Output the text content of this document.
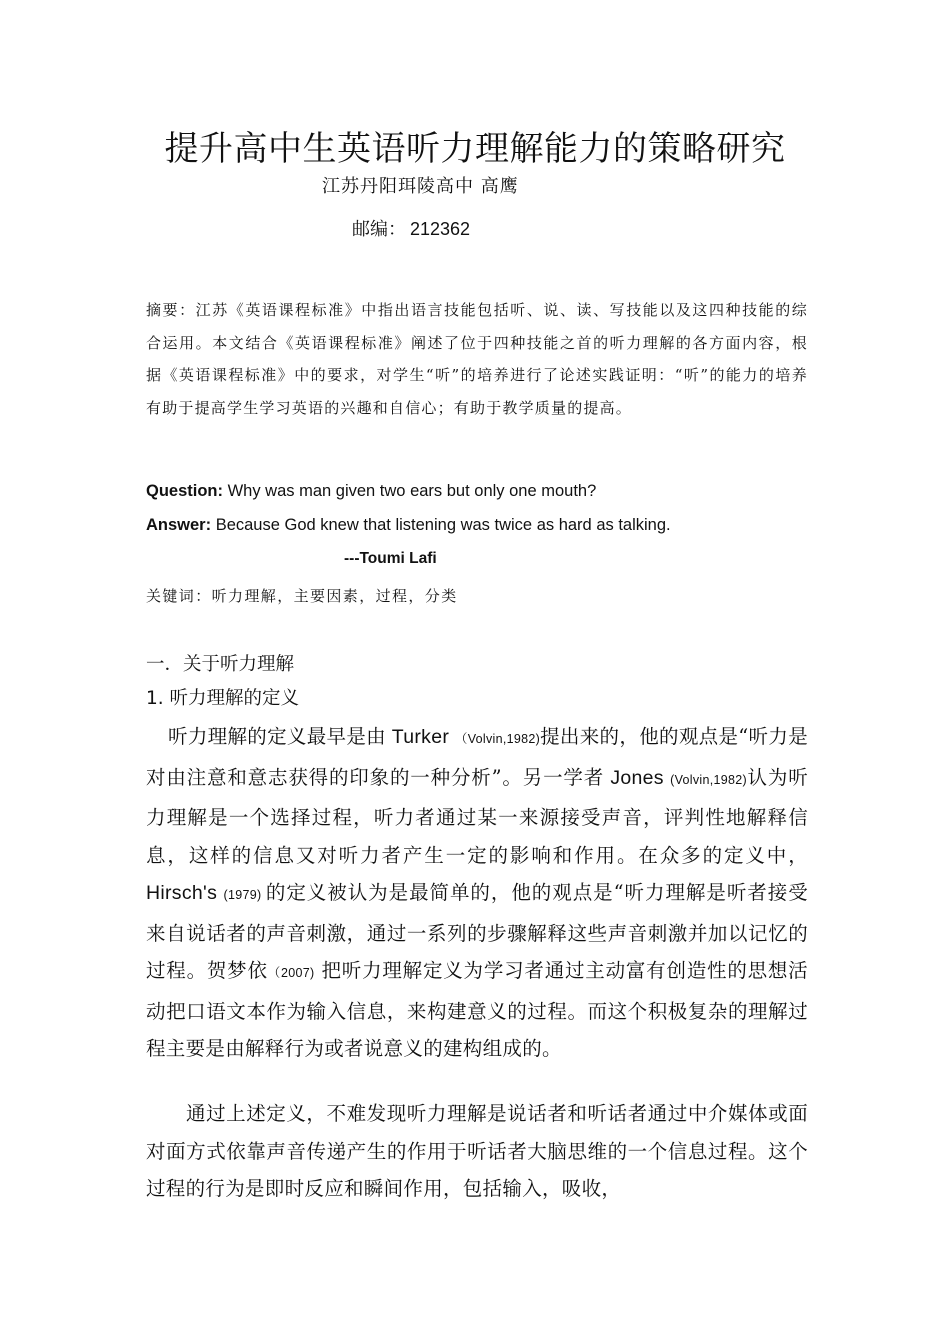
提升高中生英语听力理解能力的策略研究
江苏丹阳珥陵高中 高鹰
邮编： 212362

摘要：江苏《英语课程标准》中指出语言技能包括听、说、读、写技能以及这四种技能的综合运用。本文结合《英语课程标准》阐述了位于四种技能之首的听力理解的各方面内容，根据《英语课程标准》中的要求，对学生“听”的培养进行了论述实践证明：“听”的能力的培养有助于提高学生学习英语的兴趣和自信心；有助于教学质量的提高。

Question: Why was man given two ears but only one mouth?
Answer: Because God knew that listening was twice as hard as talking.
---Toumi Lafi
关键词：听力理解，主要因素，过程，分类
一．关于听力理解
1. 听力理解的定义

听力理解的定义最早是由 Turker （Volvin,1982)提出来的，他的观点是“听力是对由注意和意志获得的印象的一种分析”。另一学者 Jones (Volvin,1982)认为听力理解是一个选择过程，听力者通过某一来源接受声音，评判性地解释信息，这样的信息又对听力者产生一定的影响和作用。在众多的定义中，Hirsch's (1979) 的定义被认为是最简单的，他的观点是“听力理解是听者接受来自说话者的声音刺激，通过一系列的步骤解释这些声音刺激并加以记忆的过程。贺梦依（2007) 把听力理解定义为学习者通过主动富有创造性的思想活动把口语文本作为输入信息，来构建意义的过程。而这个积极复杂的理解过程主要是由解释行为或者说意义的建构组成的。

通过上述定义，不难发现听力理解是说话者和听话者通过中介媒体或面对面方式依靠声音传递产生的作用于听话者大脑思维的一个信息过程。这个过程的行为是即时反应和瞬间作用，包括输入，吸收，
